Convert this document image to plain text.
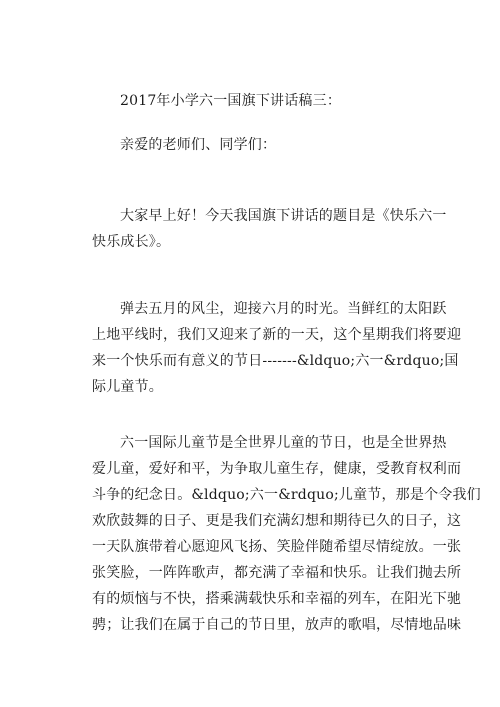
2017年小学六一国旗下讲话稿三：

亲爱的老师们、同学们：

大家早上好！今天我国旗下讲话的题目是《快乐六一
快乐成长》。

弹去五月的风尘，迎接六月的时光。当鲜红的太阳跃
上地平线时，我们又迎来了新的一天，这个星期我们将要迎
来一个快乐而有意义的节日-------&ldquo;六一&rdquo;国
际儿童节。

六一国际儿童节是全世界儿童的节日，也是全世界热
爱儿童，爱好和平，为争取儿童生存，健康，受教育权利而
斗争的纪念日。&ldquo;六一&rdquo;儿童节，那是个令我们
欢欣鼓舞的日子、更是我们充满幻想和期待已久的日子，这
一天队旗带着心愿迎风飞扬、笑脸伴随希望尽情绽放。一张
张笑脸，一阵阵歌声，都充满了幸福和快乐。让我们抛去所
有的烦恼与不快，搭乘满载快乐和幸福的列车，在阳光下驰
骋；让我们在属于自己的节日里，放声的歌唱，尽情地品味
